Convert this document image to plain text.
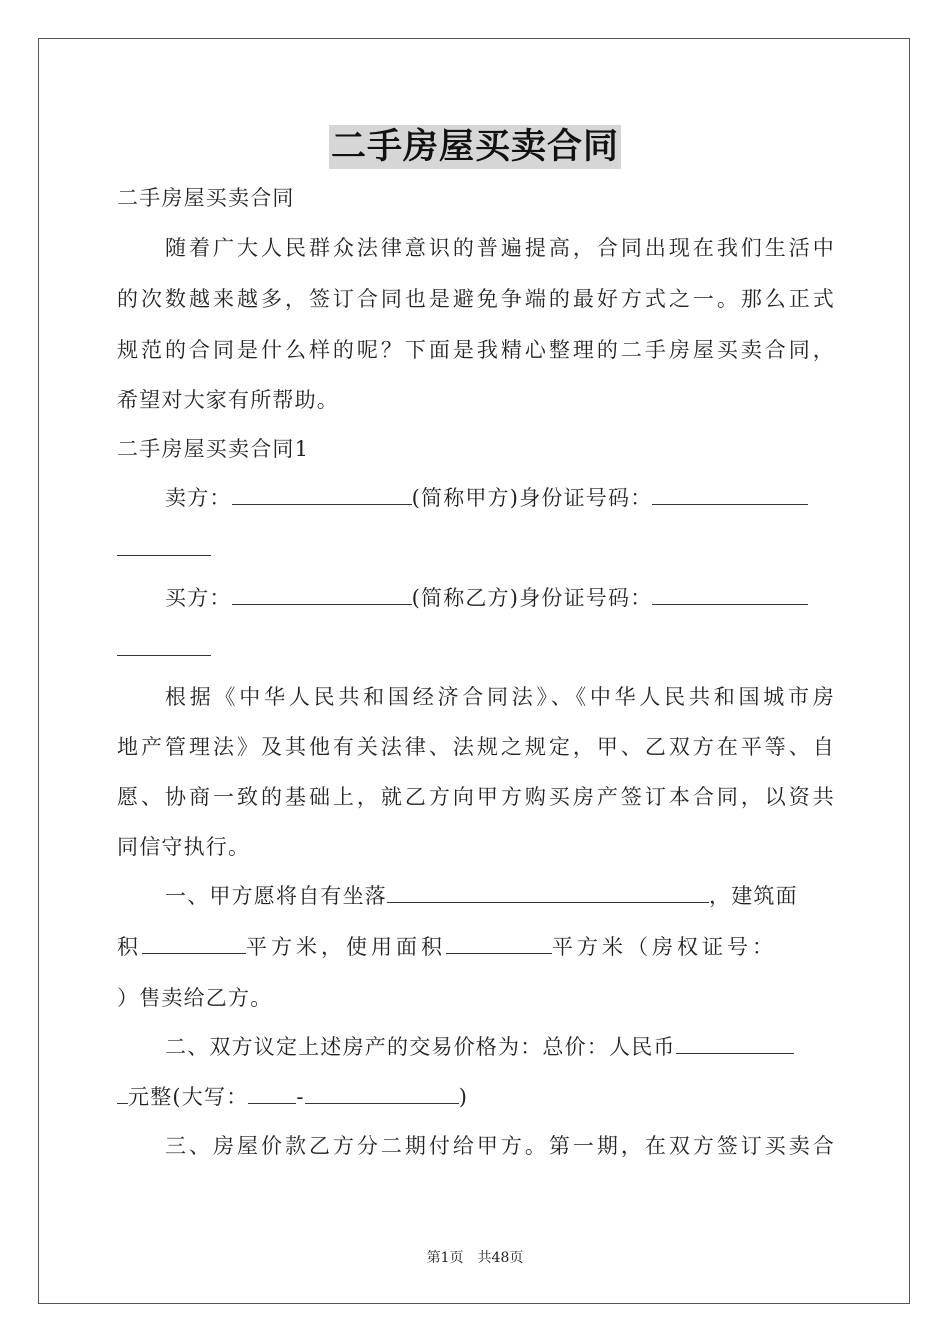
二手房屋买卖合同
二手房屋买卖合同
随着广大人民群众法律意识的普遍提高，合同出现在我们生活中
的次数越来越多，签订合同也是避免争端的最好方式之一。那么正式
规范的合同是什么样的呢？下面是我精心整理的二手房屋买卖合同，
希望对大家有所帮助。
二手房屋买卖合同1
卖方：	(简称甲方)身份证号码：
买方：	(简称乙方)身份证号码：
根据《中华人民共和国经济合同法》、《中华人民共和国城市房
地产管理法》及其他有关法律、法规之规定，甲、乙双方在平等、自
愿、协商一致的基础上，就乙方向甲方购买房产签订本合同，以资共
同信守执行。
一、甲方愿将自有坐落	，建筑面
积	平方米，使用面积	平方米（房权证号：
）售卖给乙方。
二、双方议定上述房产的交易价格为：总价：人民币
元整(大写： -	)
三、房屋价款乙方分二期付给甲方。第一期，在双方签订买卖合
第1页　共48页
